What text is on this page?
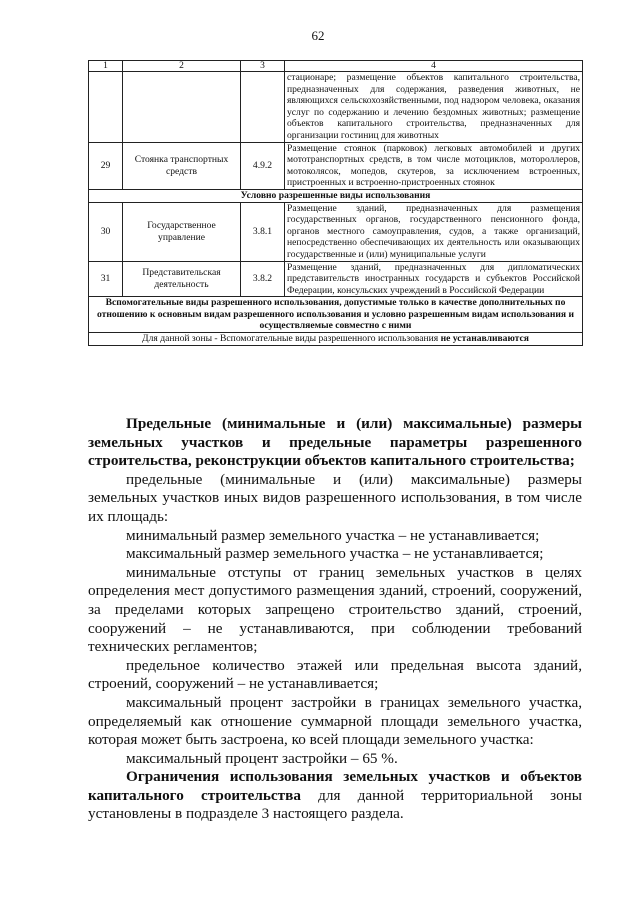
62
1	2	3	4
			стационаре; размещение объектов капитального строительства, предназначенных для содержания, разведения животных, не являющихся сельскохозяйственными, под надзором человека, оказания услуг по содержанию и лечению бездомных животных; размещение объектов капитального строительства, предназначенных для организации гостиниц для животных
29	Стоянка транспортных средств	4.9.2	Размещение стоянок (парковок) легковых автомобилей и других мототранспортных средств, в том числе мотоциклов, мотороллеров, мотоколясок, мопедов, скутеров, за исключением встроенных, пристроенных и встроенно-пристроенных стоянок
Условно разрешенные виды использования			
30	Государственное управление	3.8.1	Размещение зданий, предназначенных для размещения государственных органов, государственного пенсионного фонда, органов местного самоуправления, судов, а также организаций, непосредственно обеспечивающих их деятельность или оказывающих государственные и (или) муниципальные услуги
31	Представительская деятельность	3.8.2	Размещение зданий, предназначенных для дипломатических представительств иностранных государств и субъектов Российской Федерации, консульских учреждений в Российской Федерации
Вспомогательные виды разрешенного использования, допустимые только в качестве дополнительных по отношению к основным видам разрешенного использования и условно разрешенным видам использования и осуществляемые совместно с ними			
Для данной зоны - Вспомогательные виды разрешенного использования не устанавливаются			

Предельные (минимальные и (или) максимальные) размеры земельных участков и предельные параметры разрешенного строительства, реконструкции объектов капитального строительства;

предельные (минимальные и (или) максимальные) размеры земельных участков иных видов разрешенного использования, в том числе их площадь:

минимальный размер земельного участка – не устанавливается;

максимальный размер земельного участка – не устанавливается;

минимальные отступы от границ земельных участков в целях определения мест допустимого размещения зданий, строений, сооружений, за пределами которых запрещено строительство зданий, строений, сооружений – не устанавливаются, при соблюдении требований технических регламентов;

предельное количество этажей или предельная высота зданий, строений, сооружений – не устанавливается;

максимальный процент застройки в границах земельного участка, определяемый как отношение суммарной площади земельного участка, которая может быть застроена, ко всей площади земельного участка:

максимальный процент застройки – 65 %.

Ограничения использования земельных участков и объектов капитального строительства для данной территориальной зоны установлены в подразделе 3 настоящего раздела.
